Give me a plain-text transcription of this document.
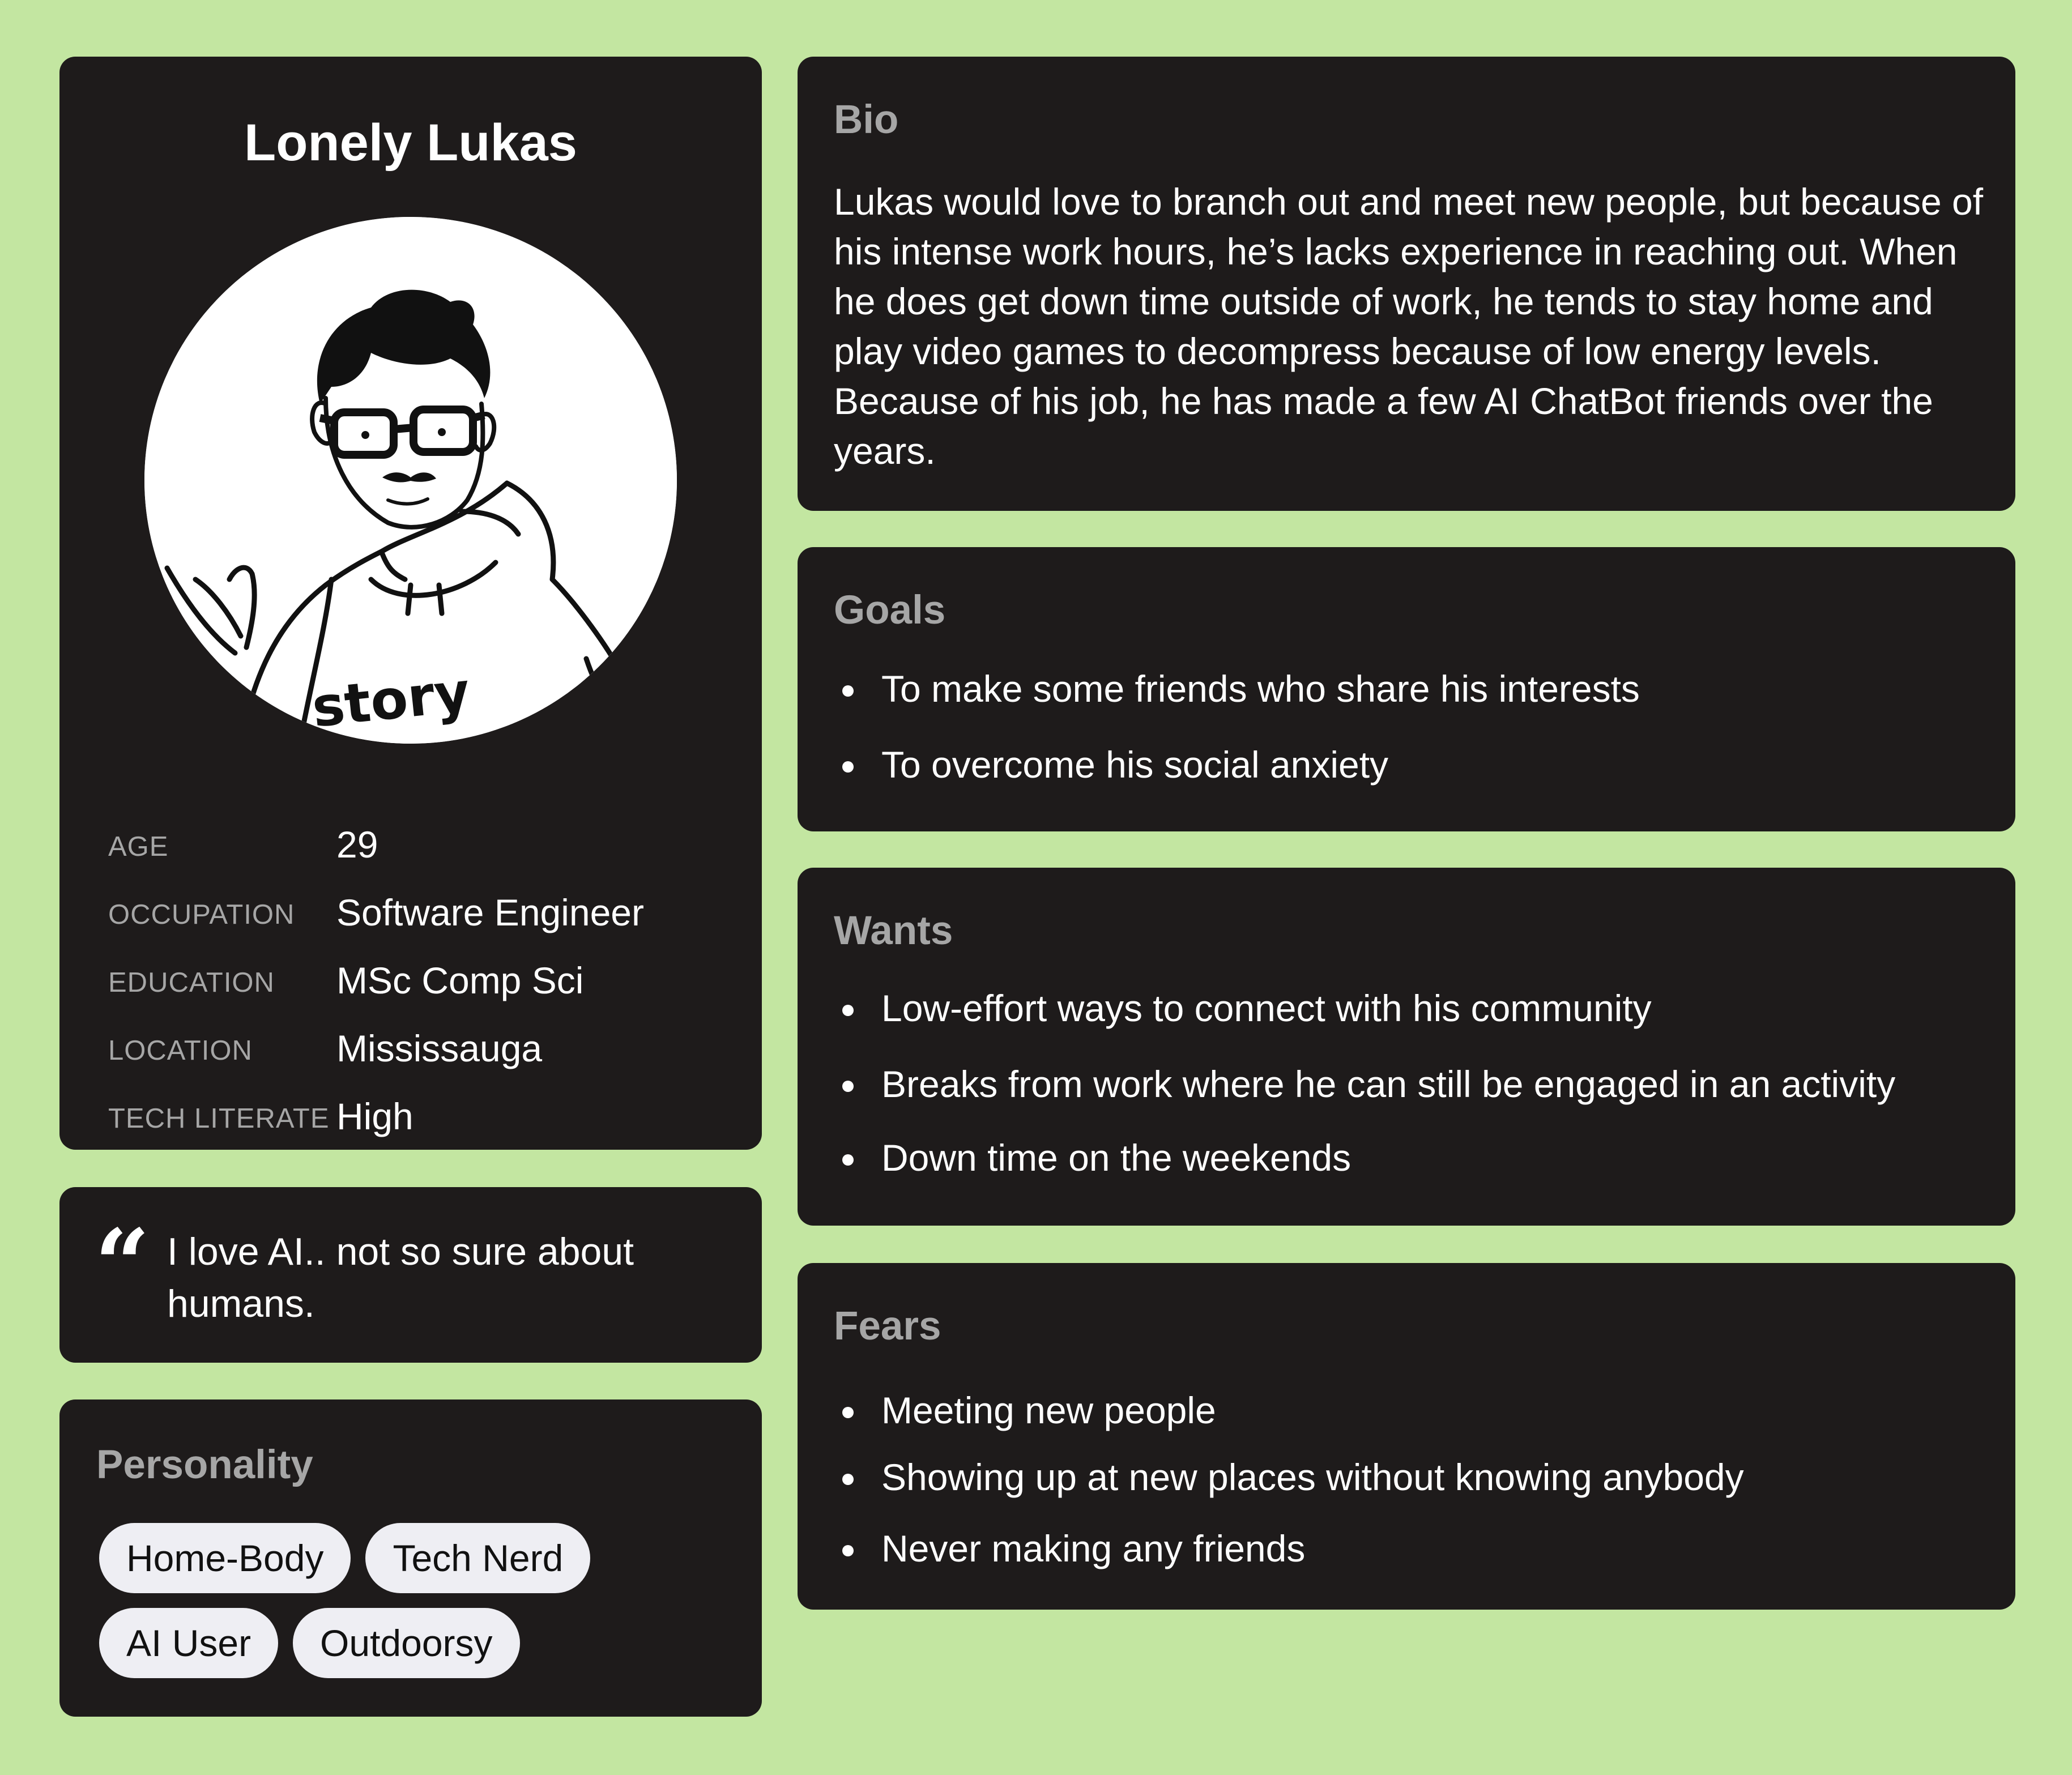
Lonely Lukas
story
AGE	29
OCCUPATION Software Engineer
EDUCATION MSc Comp Sci
LOCATION Mississauga
TECH LITERATE High
“ I love AI.. not so sure about humans.
Personality
Home-Body	Tech Nerd
AI User	Outdoorsy
Bio
Lukas would love to branch out and meet new people, but because of his intense work hours, he’s lacks experience in reaching out. When he does get down time outside of work, he tends to stay home and play video games to decompress because of low energy levels. Because of his job, he has made a few AI ChatBot friends over the years.
Goals
To make some friends who share his interests
To overcome his social anxiety
Wants
Low-effort ways to connect with his community
Breaks from work where he can still be engaged in an activity
Down time on the weekends
Fears
Meeting new people
Showing up at new places without knowing anybody
Never making any friends
